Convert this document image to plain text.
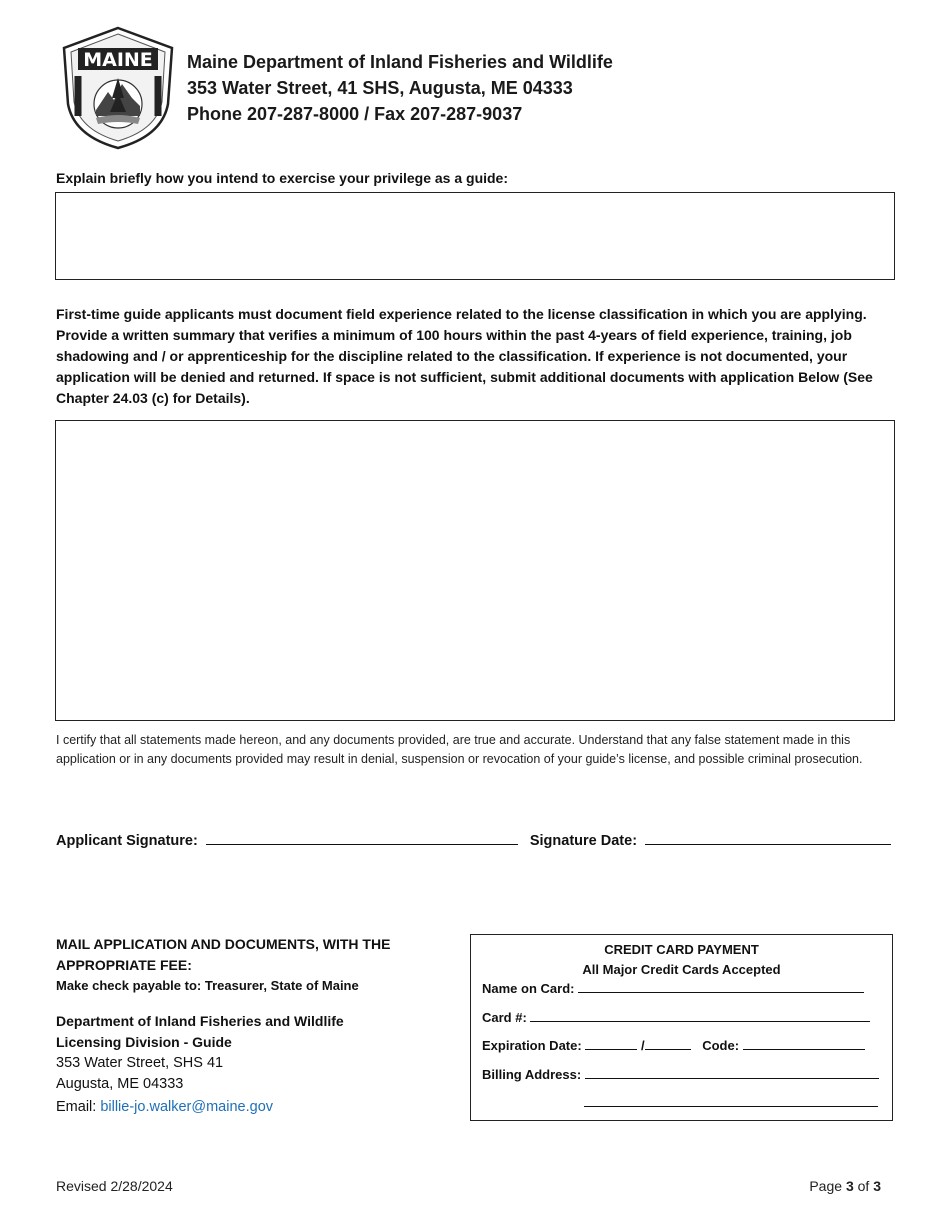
MAINE Maine Department of Inland Fisheries and Wildlife
353 Water Street, 41 SHS, Augusta, ME 04333
Phone 207-287-8000 / Fax 207-287-9037
Explain briefly how you intend to exercise your privilege as a guide:
First-time guide applicants must document field experience related to the license classification in which you are applying. Provide a written summary that verifies a minimum of 100 hours within the past 4-years of field experience, training, job shadowing and / or apprenticeship for the discipline related to the classification. If experience is not documented, your application will be denied and returned. If space is not sufficient, submit additional documents with application Below (See Chapter 24.03 (c) for Details).
I certify that all statements made hereon, and any documents provided, are true and accurate. Understand that any false statement made in this application or in any documents provided may result in denial, suspension or revocation of your guide’s license, and possible criminal prosecution.
Applicant Signature:	Signature Date:
MAIL APPLICATION AND DOCUMENTS, WITH THE
APPROPRIATE FEE:
Make check payable to: Treasurer, State of Maine
Department of Inland Fisheries and Wildlife
Licensing Division - Guide
353 Water Street, SHS 41
Augusta, ME 04333
Email: billie-jo.walker@maine.gov
CREDIT CARD PAYMENT
All Major Credit Cards Accepted
Name on Card:
Card #:
Expiration Date:	/	Code:
Billing Address:
Revised 2/28/2024	Page 3 of 3
